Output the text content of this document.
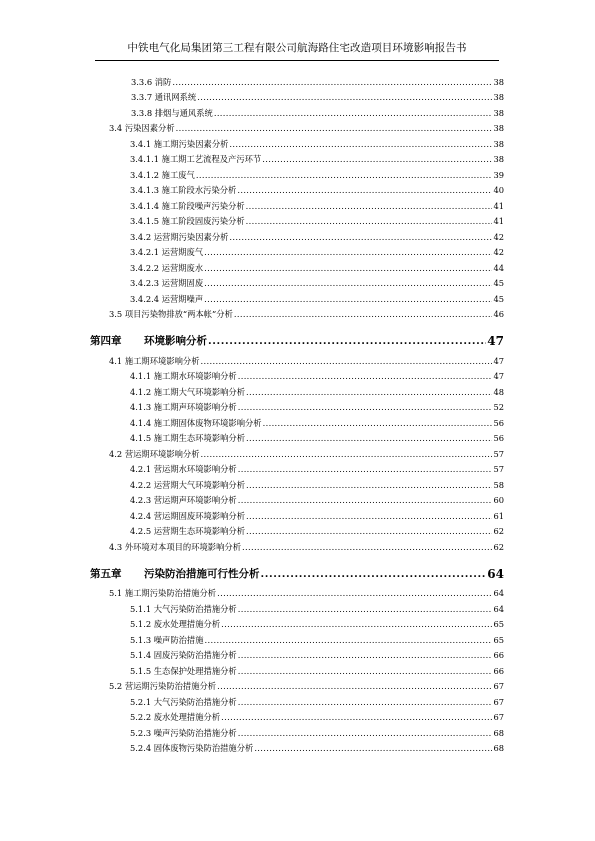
中铁电气化局集团第三工程有限公司航海路住宅改造项目环境影响报告书
3.3.6 消防 .....	38
3.3.7 通讯网系统 .....	38
3.3.8 排烟与通风系统 .....	38
3.4 污染因素分析 .....	38
3.4.1 施工期污染因素分析 .....	38
3.4.1.1 施工期工艺流程及产污环节 .....	38
3.4.1.2 施工废气 .....	39
3.4.1.3 施工阶段水污染分析 .....	40
3.4.1.4 施工阶段噪声污染分析 .....	41
3.4.1.5 施工阶段固废污染分析 .....	41
3.4.2 运营期污染因素分析 .....	42
3.4.2.1 运营期废气 .....	42
3.4.2.2 运营期废水 .....	44
3.4.2.3 运营期固废 .....	45
3.4.2.4 运营期噪声 .....	45
3.5 项目污染物排放“两本帐”分析 .....	46
第四章 环境影响分析 .....	47
4.1 施工期环境影响分析 .....	47
4.1.1 施工期水环境影响分析 .....	47
4.1.2 施工期大气环境影响分析 .....	48
4.1.3 施工期声环境影响分析 .....	52
4.1.4 施工期固体废物环境影响分析 .....	56
4.1.5 施工期生态环境影响分析 .....	56
4.2 营运期环境影响分析 .....	57
4.2.1 营运期水环境影响分析 .....	57
4.2.2 运营期大气环境影响分析 .....	58
4.2.3 营运期声环境影响分析 .....	60
4.2.4 营运期固废环境影响分析 .....	61
4.2.5 运营期生态环境影响分析 .....	62
4.3 外环境对本项目的环境影响分析 .....	62
第五章 污染防治措施可行性分析 .....	64
5.1 施工期污染防治措施分析 .....	64
5.1.1 大气污染防治措施分析 .....	64
5.1.2 废水处理措施分析 .....	65
5.1.3 噪声防治措施 .....	65
5.1.4 固废污染防治措施分析 .....	66
5.1.5 生态保护处理措施分析 .....	66
5.2 营运期污染防治措施分析 .....	67
5.2.1 大气污染防治措施分析 .....	67
5.2.2 废水处理措施分析 .....	67
5.2.3 噪声污染防治措施分析 .....	68
5.2.4 固体废物污染防治措施分析 .....	68
